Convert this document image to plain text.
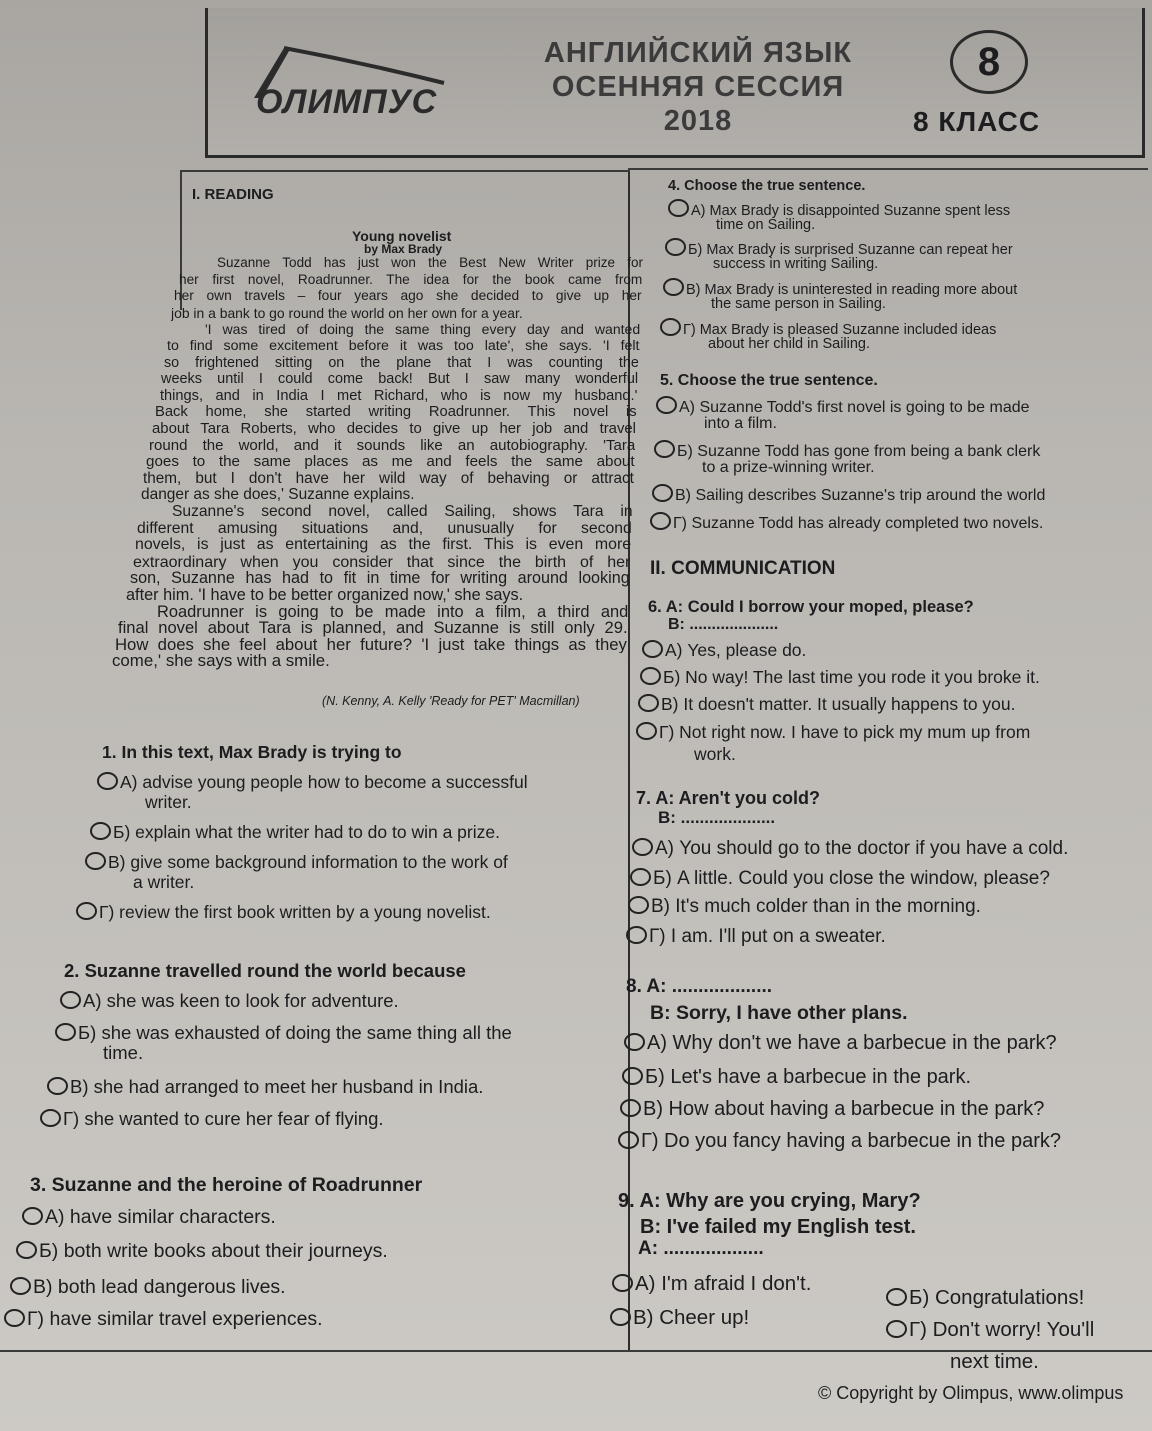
ОЛИМПУС
АНГЛИЙСКИЙ ЯЗЫК
ОСЕННЯЯ СЕССИЯ
2018
8
8 КЛАСС
I. READING
Young novelist
by Max Brady
Suzanne Todd has just won the Best New Writer prize for
her first novel, Roadrunner. The idea for the book came from
her own travels – four years ago she decided to give up her
job in a bank to go round the world on her own for a year.
'I was tired of doing the same thing every day and wanted
to find some excitement before it was too late', she says. 'I felt
so frightened sitting on the plane that I was counting the
weeks until I could come back! But I saw many wonderful
things, and in India I met Richard, who is now my husband.'
Back home, she started writing Roadrunner. This novel is
about Tara Roberts, who decides to give up her job and travel
round the world, and it sounds like an autobiography. 'Tara
goes to the same places as me and feels the same about
them, but I don't have her wild way of behaving or attract
danger as she does,' Suzanne explains.
Suzanne's second novel, called Sailing, shows Tara in
different amusing situations and, unusually for second
novels, is just as entertaining as the first. This is even more
extraordinary when you consider that since the birth of her
son, Suzanne has had to fit in time for writing around looking
after him. 'I have to be better organized now,' she says.
Roadrunner is going to be made into a film, a third and
final novel about Tara is planned, and Suzanne is still only 29.
How does she feel about her future? 'I just take things as they
come,' she says with a smile.
(N. Kenny, A. Kelly 'Ready for PET' Macmillan)
1. In this text, Max Brady is trying to
А) advise young people how to become a successful
writer.
Б) explain what the writer had to do to win a prize.
В) give some background information to the work of
a writer.
Г) review the first book written by a young novelist.
2. Suzanne travelled round the world because
А) she was keen to look for adventure.
Б) she was exhausted of doing the same thing all the
time.
В) she had arranged to meet her husband in India.
Г) she wanted to cure her fear of flying.
3. Suzanne and the heroine of Roadrunner
А) have similar characters.
Б) both write books about their journeys.
В) both lead dangerous lives.
Г) have similar travel experiences.
4. Choose the true sentence.
А) Max Brady is disappointed Suzanne spent less
time on Sailing.
Б) Max Brady is surprised Suzanne can repeat her
success in writing Sailing.
В) Max Brady is uninterested in reading more about
the same person in Sailing.
Г) Max Brady is pleased Suzanne included ideas
about her child in Sailing.
5. Choose the true sentence.
А) Suzanne Todd's first novel is going to be made
into a film.
Б) Suzanne Todd has gone from being a bank clerk
to a prize-winning writer.
В) Sailing describes Suzanne's trip around the world
Г) Suzanne Todd has already completed two novels.
II. COMMUNICATION
6. A: Could I borrow your moped, please?
B: ....................
А) Yes, please do.
Б) No way! The last time you rode it you broke it.
В) It doesn't matter. It usually happens to you.
Г) Not right now. I have to pick my mum up from
work.
7. A: Aren't you cold?
B: ....................
А) You should go to the doctor if you have a cold.
Б) A little. Could you close the window, please?
В) It's much colder than in the morning.
Г) I am. I'll put on a sweater.
8. A: ...................
B: Sorry, I have other plans.
А) Why don't we have a barbecue in the park?
Б) Let's have a barbecue in the park.
В) How about having a barbecue in the park?
Г) Do you fancy having a barbecue in the park?
9. A: Why are you crying, Mary?
B: I've failed my English test.
A: ...................
А) I'm afraid I don't.
Б) Congratulations!
В) Cheer up!
Г) Don't worry! You'll
next time.
© Copyright by Olimpus, www.olimpus
